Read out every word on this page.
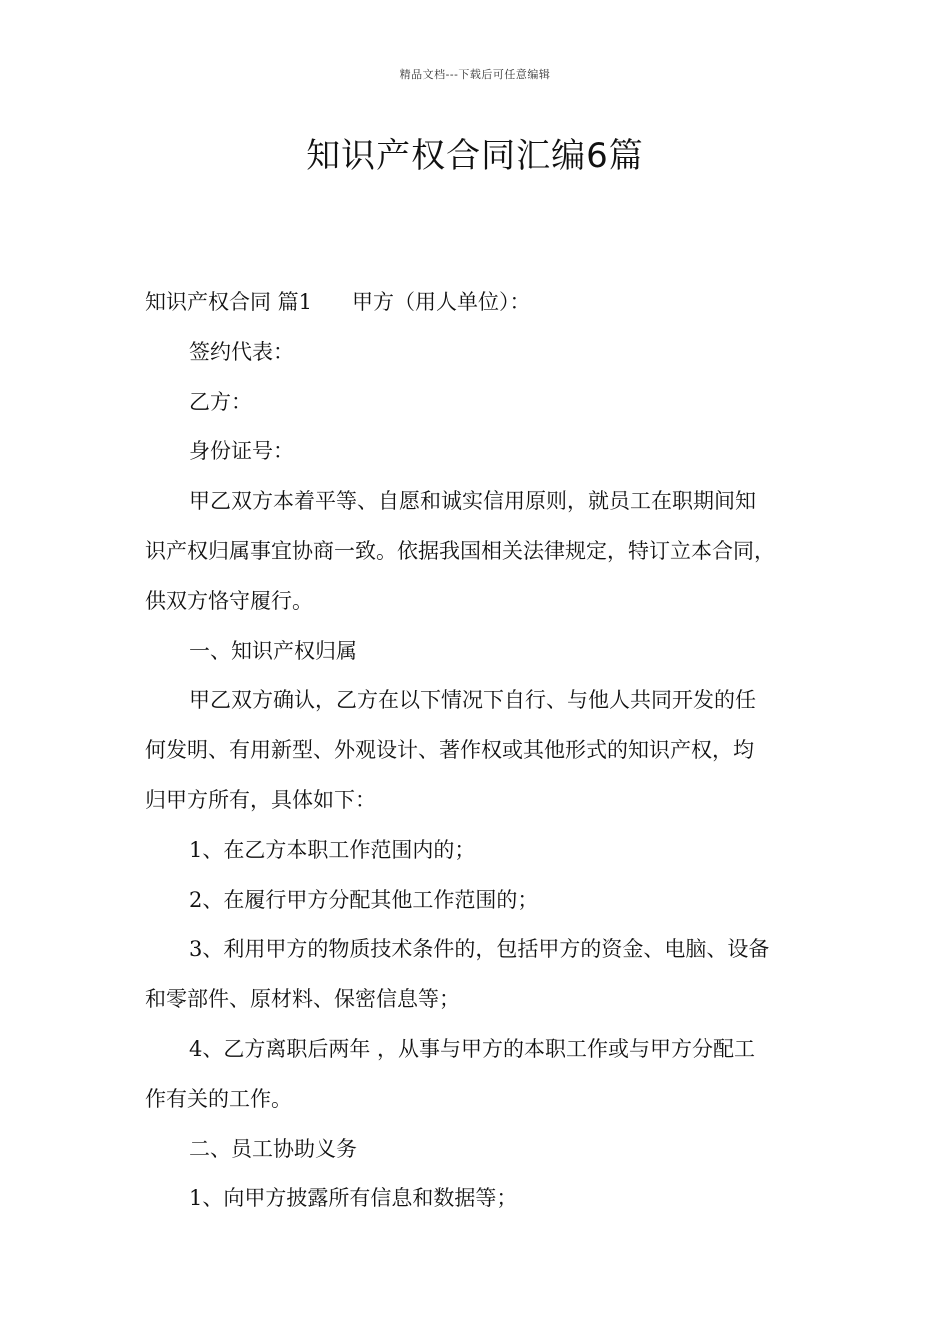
精品文档---下载后可任意编辑
知识产权合同汇编6篇

知识产权合同 篇1 甲方（用人单位）：

签约代表：

乙方：

身份证号：

甲乙双方本着平等、自愿和诚实信用原则，就员工在职期间知

识产权归属事宜协商一致。依据我国相关法律规定，特订立本合同，

供双方恪守履行。

一、知识产权归属

甲乙双方确认，乙方在以下情况下自行、与他人共同开发的任

何发明、有用新型、外观设计、著作权或其他形式的知识产权，均

归甲方所有，具体如下：

1、在乙方本职工作范围内的；

2、在履行甲方分配其他工作范围的；

3、利用甲方的物质技术条件的，包括甲方的资金、电脑、设备

和零部件、原材料、保密信息等；

4、乙方离职后两年 ，从事与甲方的本职工作或与甲方分配工

作有关的工作。

二、员工协助义务

1、向甲方披露所有信息和数据等；
